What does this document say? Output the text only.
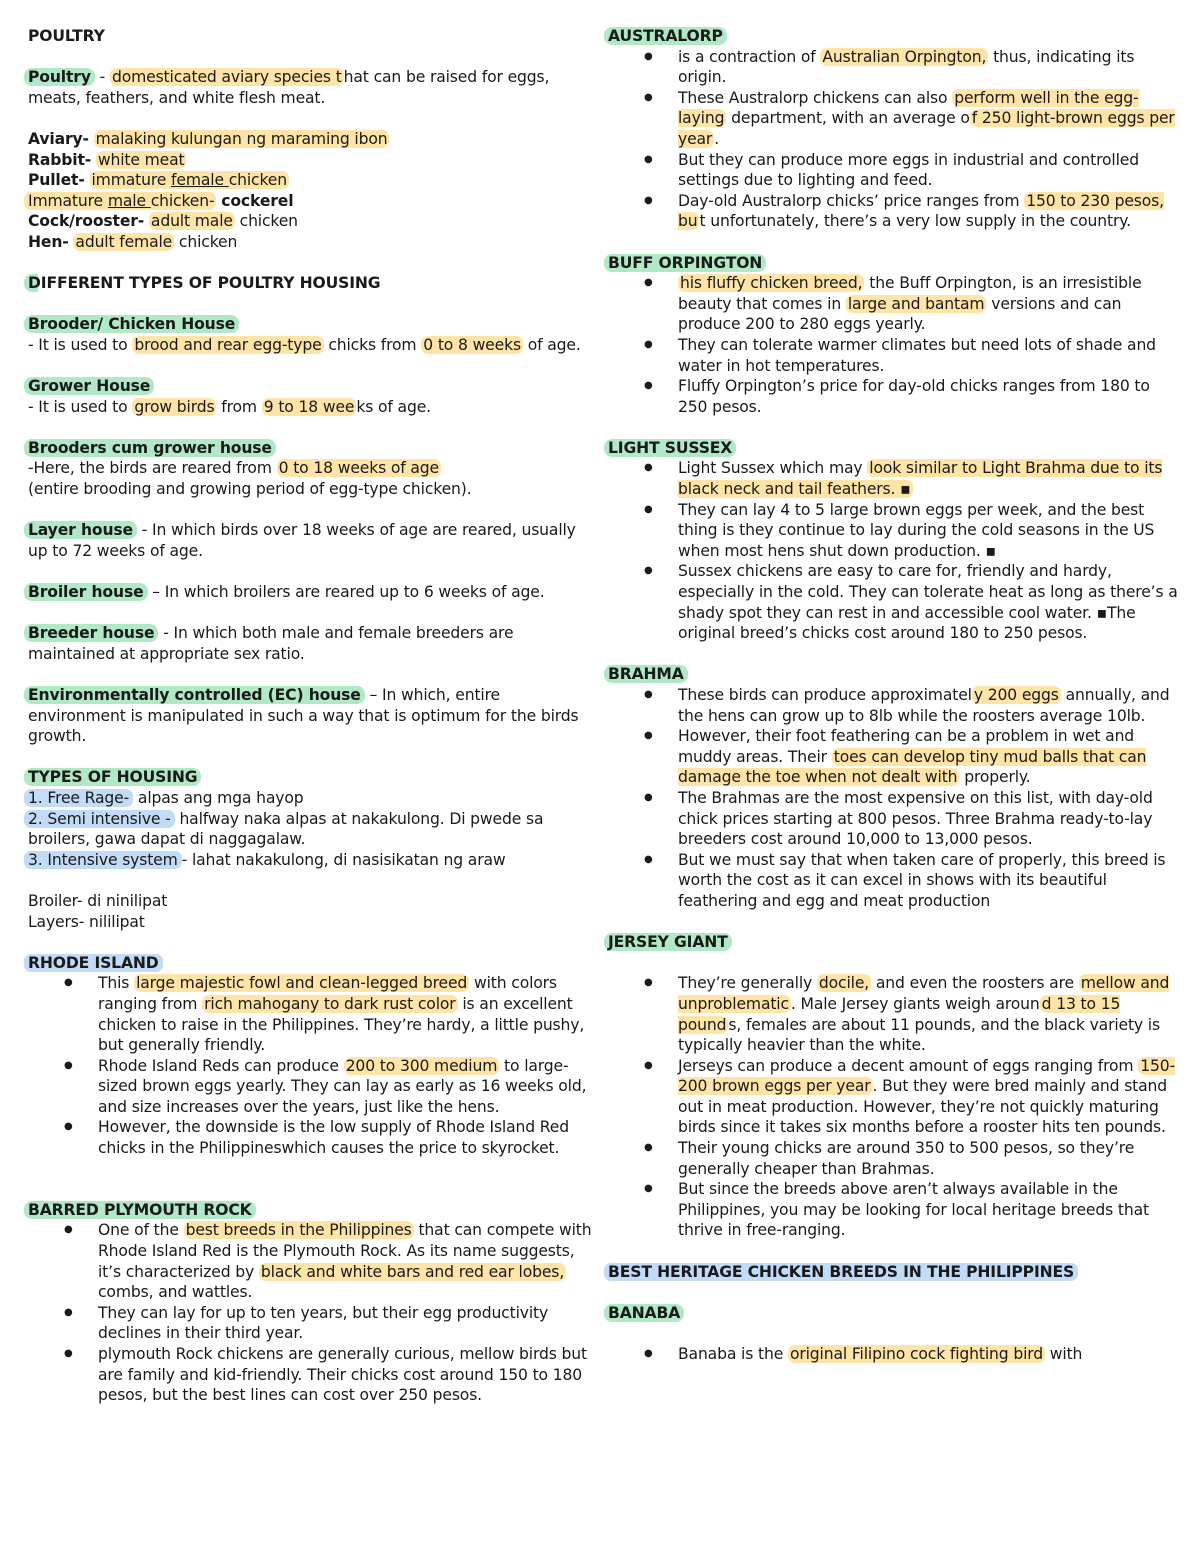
POULTRY

Poultry - domesticated aviary species t hat can be raised for eggs, meats, feathers, and white flesh meat.

Aviary- malaking kulungan ng maraming ibon

Rabbit- white meat

Pullet- immature female chicken

Immature male chicken- cockerel

Cock/rooster- adult male chicken

Hen- adult female chicken

DIFFERENT TYPES OF POULTRY HOUSING

Brooder/ Chicken House

- It is used to brood and rear egg-type chicks from 0 to 8 weeks of age.

Grower House

- It is used to grow birds from 9 to 18 wee ks of age.

Brooders cum grower house

-Here, the birds are reared from 0 to 18 weeks of age

(entire brooding and growing period of egg-type chicken).

Layer house - In which birds over 18 weeks of age are reared, usually up to 72 weeks of age.

Broiler house – In which broilers are reared up to 6 weeks of age.

Breeder house - In which both male and female breeders are maintained at appropriate sex ratio.

Environmentally controlled (EC) house – In which, entire environment is manipulated in such a way that is optimum for the birds growth.

TYPES OF HOUSING

1. Free Rage- alpas ang mga hayop

2. Semi intensive - halfway naka alpas at nakakulong. Di pwede sa broilers, gawa dapat di naggagalaw.

3. Intensive system - lahat nakakulong, di nasisikatan ng araw

Broiler- di ninilipat

Layers- nililipat

RHODE ISLAND

● This large majestic fowl and clean-legged breed with colors ranging from rich mahogany to dark rust color is an excellent chicken to raise in the Philippines. They’re hardy, a little pushy, but generally friendly.
● Rhode Island Reds can produce 200 to 300 medium to large-sized brown eggs yearly. They can lay as early as 16 weeks old, and size increases over the years, just like the hens.
● However, the downside is the low supply of Rhode Island Red chicks in the Philippineswhich causes the price to skyrocket.

BARRED PLYMOUTH ROCK

● One of the best breeds in the Philippines that can compete with Rhode Island Red is the Plymouth Rock. As its name suggests, it’s characterized by black and white bars and red ear lobes, combs, and wattles.
● They can lay for up to ten years, but their egg productivity declines in their third year.
● plymouth Rock chickens are generally curious, mellow birds but are family and kid-friendly. Their chicks cost around 150 to 180 pesos, but the best lines can cost over 250 pesos.

AUSTRALORP

● is a contraction of Australian Orpington, thus, indicating its origin.
● These Australorp chickens can also perform well in the egg-laying department, with an average o f 250 light-brown eggs per year .
● But they can produce more eggs in industrial and controlled settings due to lighting and feed.
● Day-old Australorp chicks’ price ranges from 150 to 230 pesos, bu t unfortunately, there’s a very low supply in the country.

BUFF ORPINGTON

● his fluffy chicken breed, the Buff Orpington, is an irresistible beauty that comes in large and bantam versions and can produce 200 to 280 eggs yearly.
● They can tolerate warmer climates but need lots of shade and water in hot temperatures.
● Fluffy Orpington’s price for day-old chicks ranges from 180 to 250 pesos.

LIGHT SUSSEX

● Light Sussex which may look similar to Light Brahma due to its black neck and tail feathers. ▪
● They can lay 4 to 5 large brown eggs per week, and the best thing is they continue to lay during the cold seasons in the US when most hens shut down production. ▪
● Sussex chickens are easy to care for, friendly and hardy, especially in the cold. They can tolerate heat as long as there’s a shady spot they can rest in and accessible cool water. ▪The original breed’s chicks cost around 180 to 250 pesos.

BRAHMA

● These birds can produce approximatel y 200 eggs annually, and the hens can grow up to 8lb while the roosters average 10lb.
● However, their foot feathering can be a problem in wet and muddy areas. Their toes can develop tiny mud balls that can damage the toe when not dealt with properly.
● The Brahmas are the most expensive on this list, with day-old chick prices starting at 800 pesos. Three Brahma ready-to-lay breeders cost around 10,000 to 13,000 pesos.
● But we must say that when taken care of properly, this breed is worth the cost as it can excel in shows with its beautiful feathering and egg and meat production

JERSEY GIANT

● They’re generally docile, and even the roosters are mellow and unproblematic . Male Jersey giants weigh aroun d 13 to 15 pound s, females are about 11 pounds, and the black variety is typically heavier than the white.
● Jerseys can produce a decent amount of eggs ranging from 150-200 brown eggs per year . But they were bred mainly and stand out in meat production. However, they’re not quickly maturing birds since it takes six months before a rooster hits ten pounds.
● Their young chicks are around 350 to 500 pesos, so they’re generally cheaper than Brahmas.
● But since the breeds above aren’t always available in the Philippines, you may be looking for local heritage breeds that thrive in free-ranging.

BEST HERITAGE CHICKEN BREEDS IN THE PHILIPPINES

BANABA

● Banaba is the original Filipino cock fighting bird with
